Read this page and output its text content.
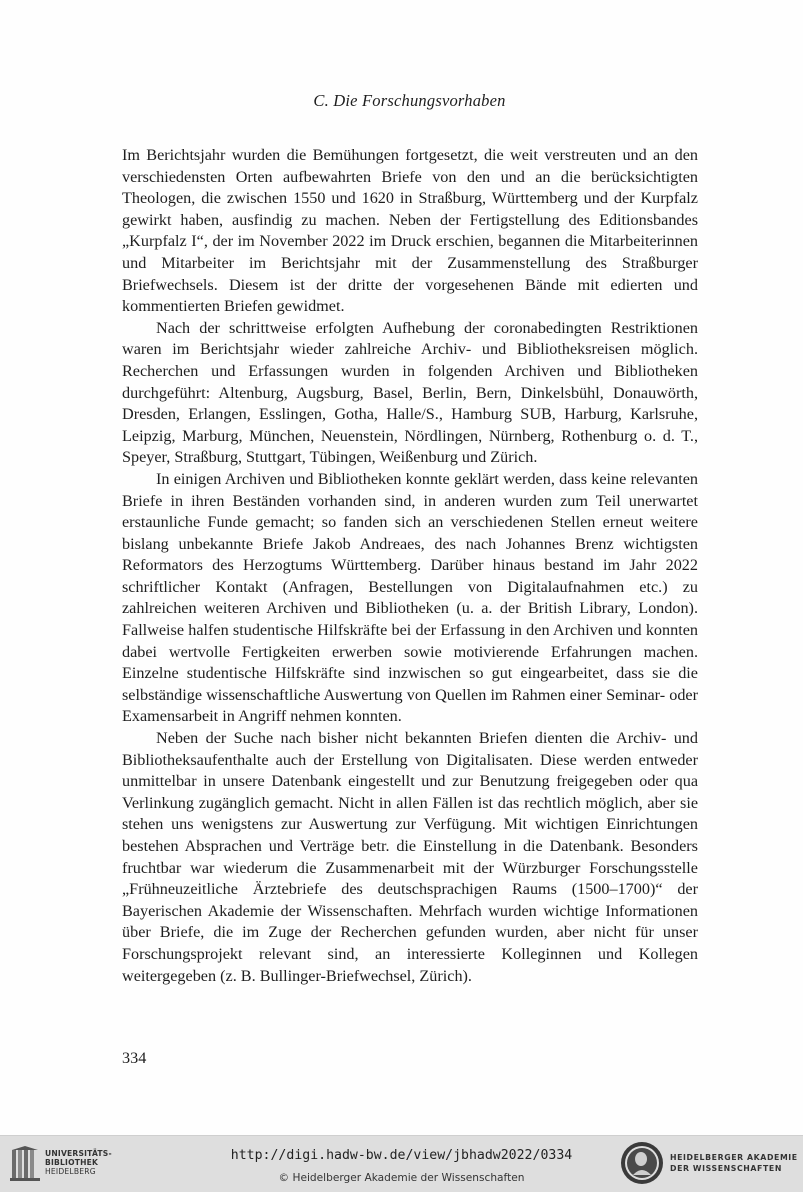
C. Die Forschungsvorhaben

Im Berichtsjahr wurden die Bemühungen fortgesetzt, die weit verstreuten und an den verschiedensten Orten aufbewahrten Briefe von den und an die berücksichtigten Theologen, die zwischen 1550 und 1620 in Straßburg, Württemberg und der Kurpfalz gewirkt haben, ausfindig zu machen. Neben der Fertigstellung des Editionsbandes „Kurpfalz I“, der im November 2022 im Druck erschien, begannen die Mitarbeiterinnen und Mitarbeiter im Berichtsjahr mit der Zusammenstellung des Straßburger Briefwechsels. Diesem ist der dritte der vorgesehenen Bände mit edierten und kommentierten Briefen gewidmet.

Nach der schrittweise erfolgten Aufhebung der coronabedingten Restriktionen waren im Berichtsjahr wieder zahlreiche Archiv- und Bibliotheksreisen möglich. Recherchen und Erfassungen wurden in folgenden Archiven und Bibliotheken durchgeführt: Altenburg, Augsburg, Basel, Berlin, Bern, Dinkelsbühl, Donauwörth, Dresden, Erlangen, Esslingen, Gotha, Halle/S., Hamburg SUB, Harburg, Karlsruhe, Leipzig, Marburg, München, Neuenstein, Nördlingen, Nürnberg, Rothenburg o. d. T., Speyer, Straßburg, Stuttgart, Tübingen, Weißenburg und Zürich.

In einigen Archiven und Bibliotheken konnte geklärt werden, dass keine relevanten Briefe in ihren Beständen vorhanden sind, in anderen wurden zum Teil unerwartet erstaunliche Funde gemacht; so fanden sich an verschiedenen Stellen erneut weitere bislang unbekannte Briefe Jakob Andreaes, des nach Johannes Brenz wichtigsten Reformators des Herzogtums Württemberg. Darüber hinaus bestand im Jahr 2022 schriftlicher Kontakt (Anfragen, Bestellungen von Digitalaufnahmen etc.) zu zahlreichen weiteren Archiven und Bibliotheken (u. a. der British Library, London). Fallweise halfen studentische Hilfskräfte bei der Erfassung in den Archiven und konnten dabei wertvolle Fertigkeiten erwerben sowie motivierende Erfahrungen machen. Einzelne studentische Hilfskräfte sind inzwischen so gut eingearbeitet, dass sie die selbständige wissenschaftliche Auswertung von Quellen im Rahmen einer Seminar- oder Examensarbeit in Angriff nehmen konnten.

Neben der Suche nach bisher nicht bekannten Briefen dienten die Archiv- und Bibliotheksaufenthalte auch der Erstellung von Digitalisaten. Diese werden entweder unmittelbar in unsere Datenbank eingestellt und zur Benutzung freigegeben oder qua Verlinkung zugänglich gemacht. Nicht in allen Fällen ist das rechtlich möglich, aber sie stehen uns wenigstens zur Auswertung zur Verfügung. Mit wichtigen Einrichtungen bestehen Absprachen und Verträge betr. die Einstellung in die Datenbank. Besonders fruchtbar war wiederum die Zusammenarbeit mit der Würzburger Forschungsstelle „Frühneuzeitliche Ärztebriefe des deutschsprachigen Raums (1500–1700)“ der Bayerischen Akademie der Wissenschaften. Mehrfach wurden wichtige Informationen über Briefe, die im Zuge der Recherchen gefunden wurden, aber nicht für unser Forschungsprojekt relevant sind, an interessierte Kolleginnen und Kollegen weitergegeben (z. B. Bullinger-Briefwechsel, Zürich).

334
UNIVERSITÄTS-
BIBLIOTHEK
HEIDELBERG
http://digi.hadw-bw.de/view/jbhadw2022/0334
© Heidelberger Akademie der Wissenschaften
HEIDELBERGER AKADEMIE
DER WISSENSCHAFTEN
